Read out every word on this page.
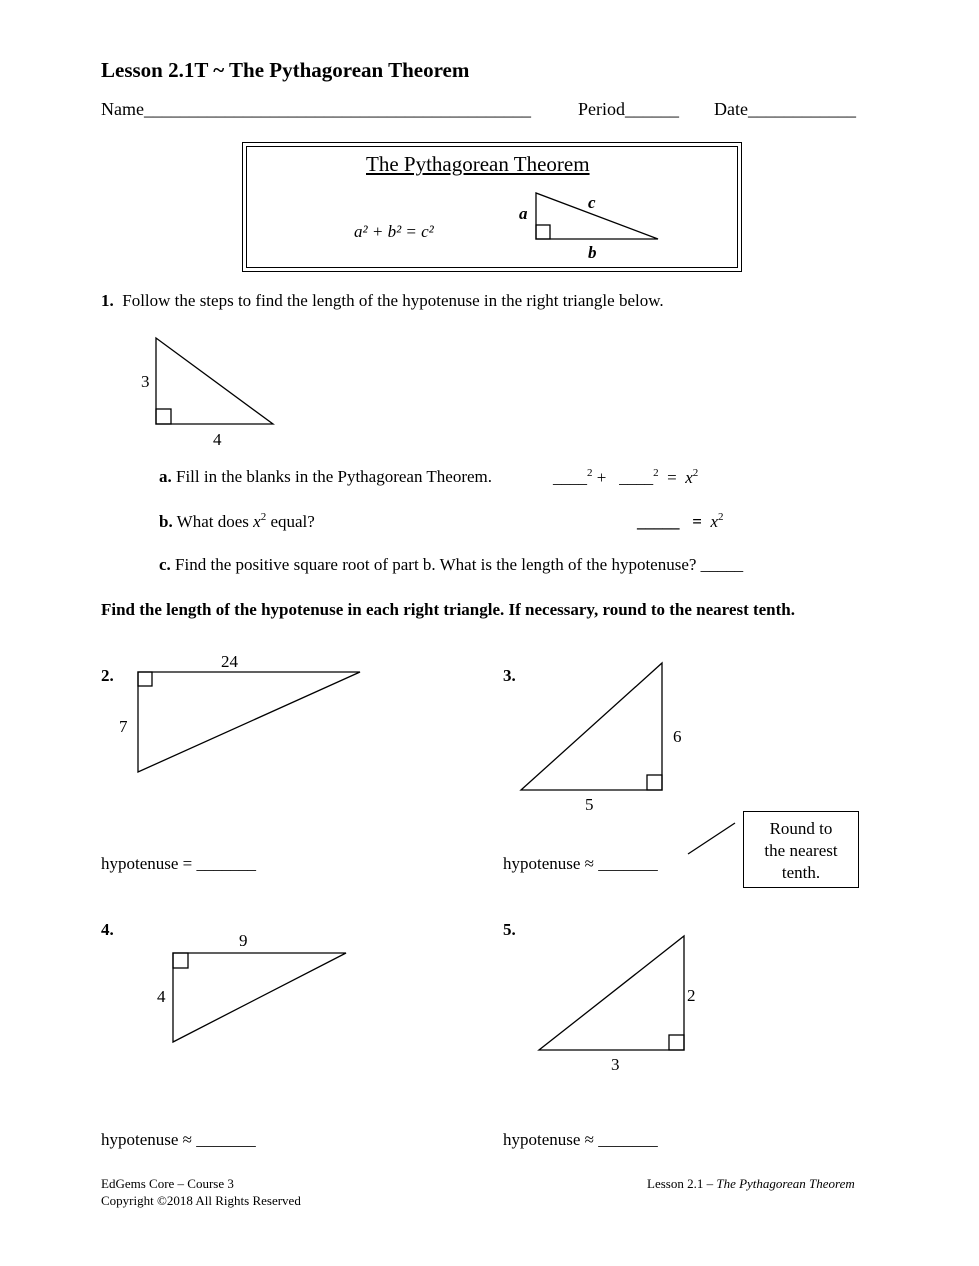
Lesson 2.1T ~ The Pythagorean Theorem
Name___________________________________________	Period______ Date____________
The Pythagorean Theorem
a² + b² = c²
a
c
b
1. Follow the steps to find the length of the hypotenuse in the right triangle below.
3
4
a. Fill in the blanks in the Pythagorean Theorem.	____$^2$ + ____$^2$ = $x^2$
b. What does $x^2$ equal?	_____ = $x^2$
c. Find the positive square root of part b. What is the length of the hypotenuse? _____
Find the length of the hypotenuse in each right triangle. If necessary, round to the nearest tenth.
2.
24
7
hypotenuse = _______
3.
6
5
hypotenuse ≈ _______
Round to
the nearest
tenth.
4.
9
4
hypotenuse ≈ _______
5.
2
3
hypotenuse ≈ _______
EdGems Core – Course 3
Copyright ©2018 All Rights Reserved
Lesson 2.1 – The Pythagorean Theorem
